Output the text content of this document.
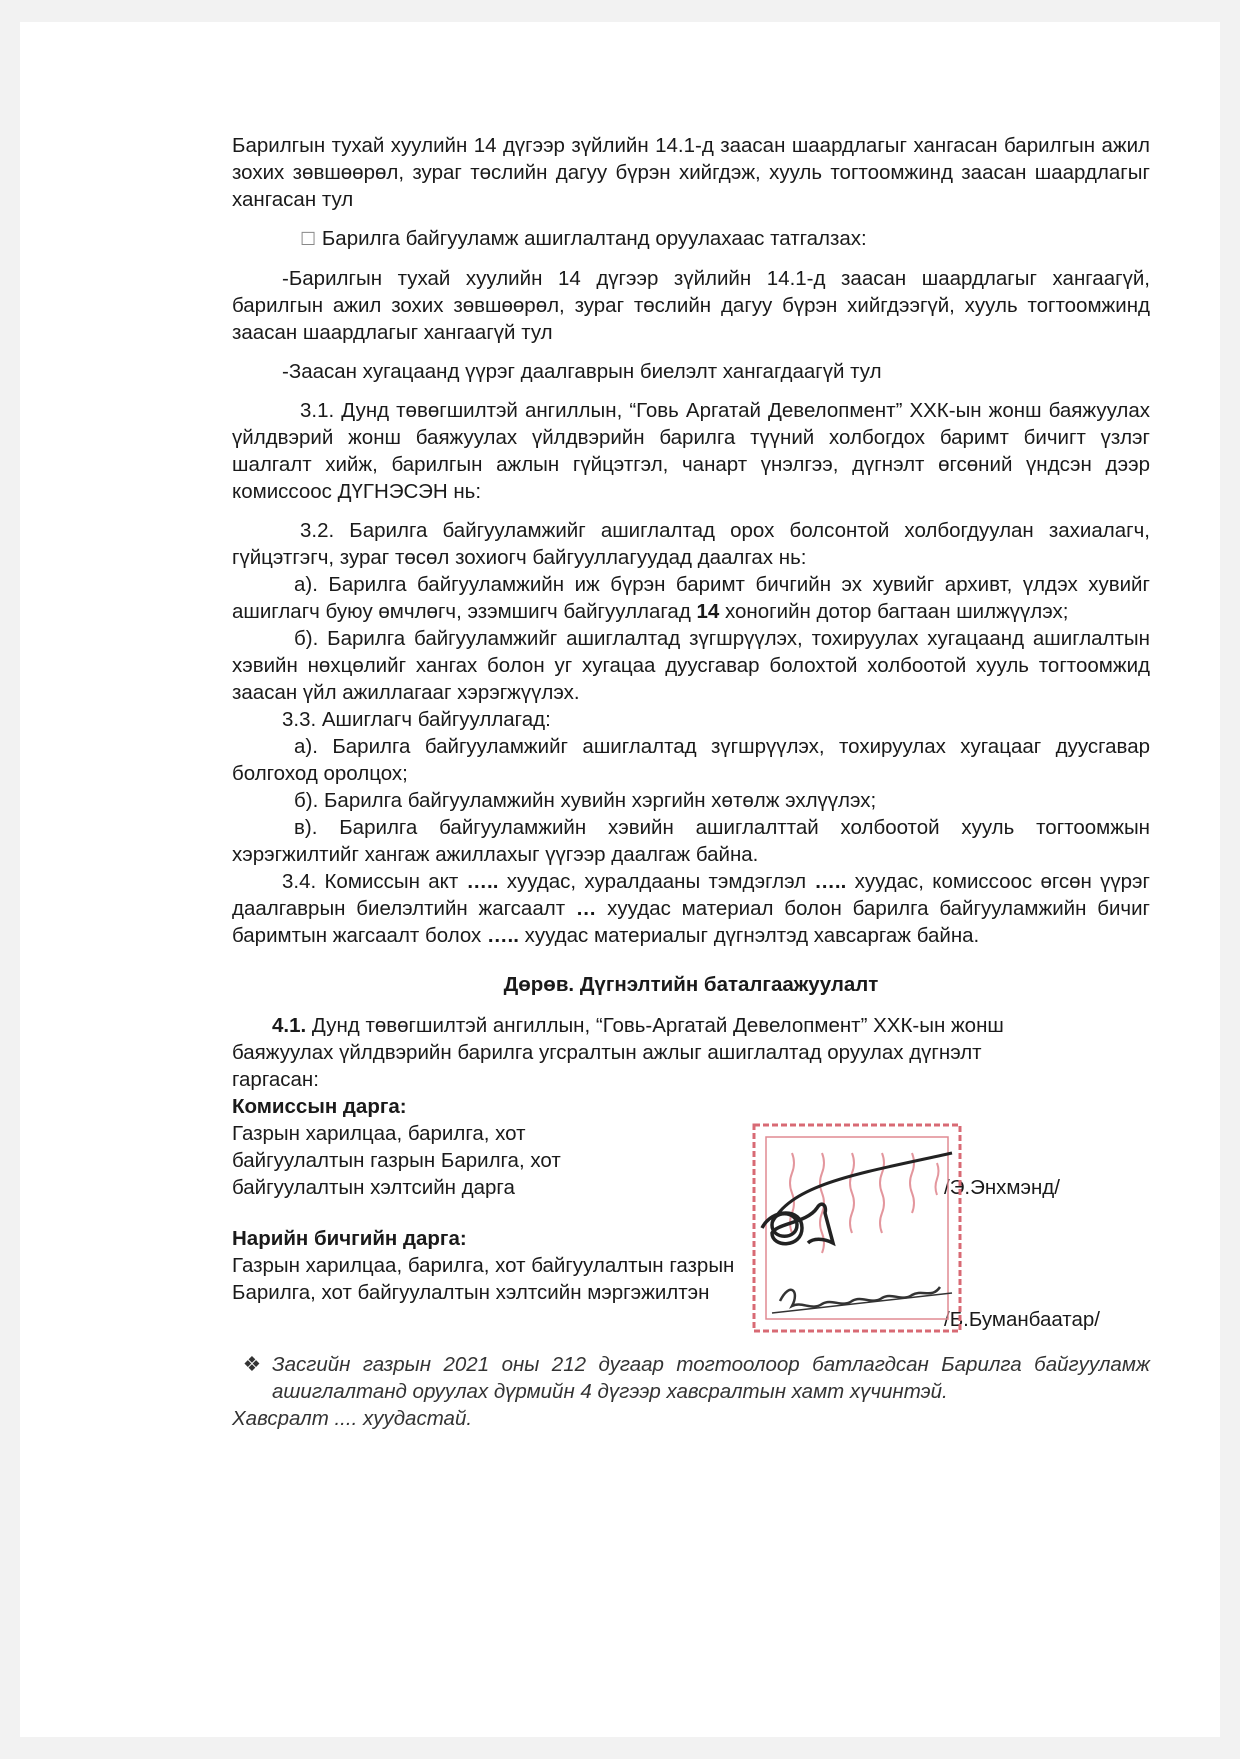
Барилгын тухай хуулийн 14 дүгээр зүйлийн 14.1-д заасан шаардлагыг хангасан барилгын ажил зохих зөвшөөрөл, зураг төслийн дагуу бүрэн хийгдэж, хууль тогтоомжинд заасан шаардлагыг хангасан тул

☐ Барилга байгууламж ашиглалтанд оруулахаас татгалзах:

-Барилгын тухай хуулийн 14 дүгээр зүйлийн 14.1-д заасан шаардлагыг хангаагүй, барилгын ажил зохих зөвшөөрөл, зураг төслийн дагуу бүрэн хийгдээгүй, хууль тогтоомжинд заасан шаардлагыг хангаагүй тул

-Заасан хугацаанд үүрэг даалгаврын биелэлт хангагдаагүй тул

3.1. Дунд төвөгшилтэй ангиллын, “Говь Аргатай Девелопмент” ХХК-ын жонш баяжуулах үйлдвэрий жонш баяжуулах үйлдвэрийн барилга түүний холбогдох баримт бичигт үзлэг шалгалт хийж, барилгын ажлын гүйцэтгэл, чанарт үнэлгээ, дүгнэлт өгсөний үндсэн дээр комиссоос ДҮГНЭСЭН нь:

3.2. Барилга байгууламжийг ашиглалтад орох болсонтой холбогдуулан захиалагч, гүйцэтгэгч, зураг төсөл зохиогч байгууллагуудад даалгах нь:

а). Барилга байгууламжийн иж бүрэн баримт бичгийн эх хувийг архивт, үлдэх хувийг ашиглагч буюу өмчлөгч, эзэмшигч байгууллагад 14 хоногийн дотор багтаан шилжүүлэх;

б). Барилга байгууламжийг ашиглалтад зүгшрүүлэх, тохируулах хугацаанд ашиглалтын хэвийн нөхцөлийг хангах болон уг хугацаа дуусгавар болохтой холбоотой хууль тогтоомжид заасан үйл ажиллагааг хэрэгжүүлэх.

3.3. Ашиглагч байгууллагад:

а). Барилга байгууламжийг ашиглалтад зүгшрүүлэх, тохируулах хугацааг дуусгавар болгоход оролцох;

б). Барилга байгууламжийн хувийн хэргийн хөтөлж эхлүүлэх;

в). Барилга байгууламжийн хэвийн ашиглалттай холбоотой хууль тогтоомжын хэрэгжилтийг хангаж ажиллахыг үүгээр даалгаж байна.

3.4. Комиссын акт ….. хуудас, хуралдааны тэмдэглэл ….. хуудас, комиссоос өгсөн үүрэг даалгаврын биелэлтийн жагсаалт … хуудас материал болон барилга байгууламжийн бичиг баримтын жагсаалт болох ….. хуудас материалыг дүгнэлтэд хавсаргаж байна.

Дөрөв. Дүгнэлтийн баталгаажуулалт

4.1. Дунд төвөгшилтэй ангиллын, “Говь-Аргатай Девелопмент” ХХК-ын жонш баяжуулах үйлдвэрийн барилга угсралтын ажлыг ашиглалтад оруулах дүгнэлт гаргасан:

Комиссын дарга:

Газрын харилцаа, барилга, хот байгуулалтын газрын Барилга, хот байгуулалтын хэлтсийн дарга	/Э.Энхмэнд/

Нарийн бичгийн дарга:

Газрын харилцаа, барилга, хот байгуулалтын газрын Барилга, хот байгуулалтын хэлтсийн мэргэжилтэн

/Б.Буманбаатар/
❖ Засгийн газрын 2021 оны 212 дугаар тогтоолоор батлагдсан Барилга байгууламж ашиглалтанд оруулах дүрмийн 4 дүгээр хавсралтын хамт хүчинтэй.

Хавсралт .... хуудастай.
